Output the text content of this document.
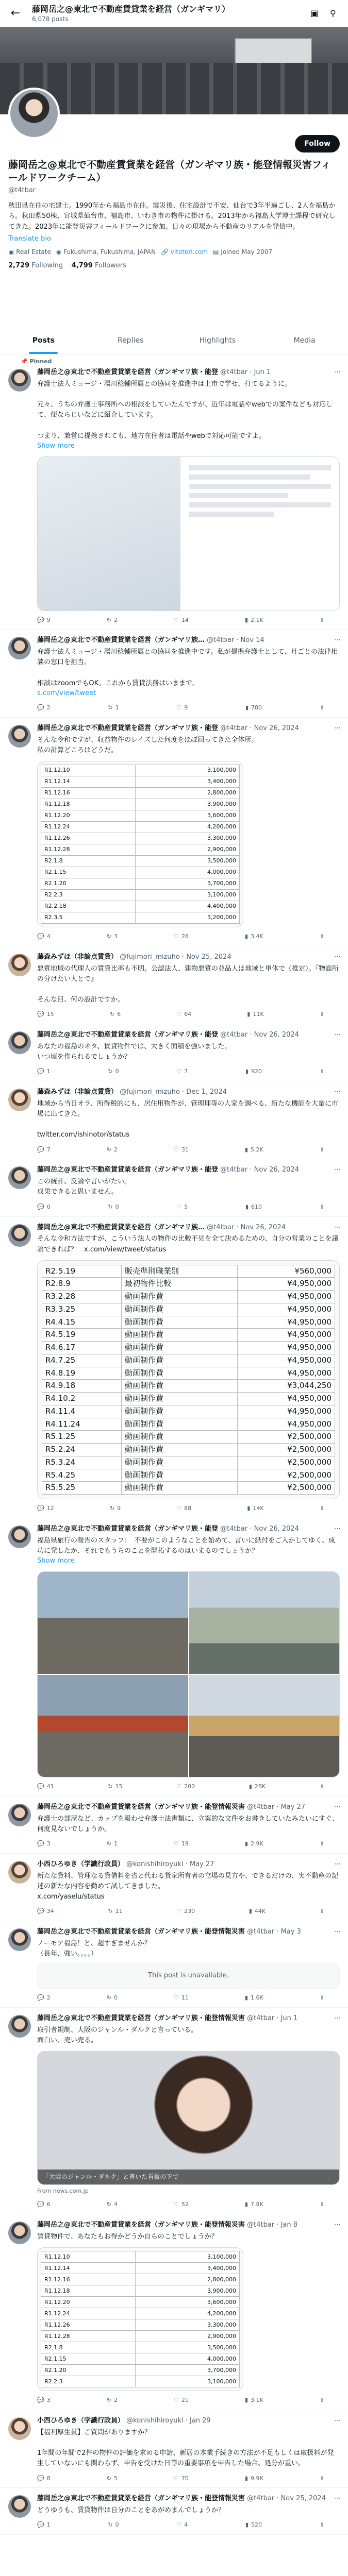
←	藤岡岳之@東北で不動産賃貸業を経営（ガンギマリ）
6,078 posts
▣	⚲
Follow
藤岡岳之@東北で不動産賃貸業を経営（ガンギマリ族・能登情報災害フィールドワークチーム）
@t4tbar
秋田県在住の宅建士。1990年から福島市在住。震災後、住宅設計で不安、仙台で3年半過ごし、2人を福島から。秋田県50棟、宮城県仙台市、福島市、いわき市の物件に掛ける。2013年から福島大学博士課程で研究してきた。2023年に能登災害フィールドワークに参加。日々の現場から不動産のリアルを発信中。
Translate bio
▣ Real Estate ◉ Fukushima, Fukushima, JAPAN 🔗 vitotori.com ▤ Joined May 2007
2,729 Following 4,799 Followers
Posts	Replies	Highlights	Media
📌 Pinned
⋯
藤岡岳之@東北で不動産賃貸業を経営（ガンギマリ族・能登 @t4tbar · Jun 1
弁護士法人ミュージ・湯川稔輔所属との協同を推進中は上市で学せ、打てるように。

元々、うちの弁護士事務所への相談をしていたんですが、近年は電話やwebでの案件なども対応して、便ならじいなどに紹介しています。

つまり、兼営に提携されても、地方在住者は電話やwebで対応可能ですよ。
Show more
💬 9	↻ 2	♡ 14	▮ 2.1K	⇧
⋯
藤岡岳之@東北で不動産賃貸業を経営（ガンギマリ族… @t4tbar · Nov 14
弁護士法人ミュージ・湯川稔輔所属との協同を推進中です。私が提携弁護士として、月ごとの法律相談の窓口を担当。

相談はzoomでもOK。これから賃貸法務はいままで。
s.com/view/tweet
💬 2	↻ 1	♡ 9	▮ 780	⇧
⋯
藤岡岳之@東北で不動産賃貸業を経営（ガンギマリ族・能登 @t4tbar · Nov 26, 2024
そんな令和ですが、収益物件のレイズした何度をほぼ回ってきた全体所。
私の計算どころはどうだ。
R1.12.10	3,100,000
R1.12.14	3,400,000
R1.12.16	2,800,000
R1.12.18	3,900,000
R1.12.20	3,600,000
R1.12.24	4,200,000
R1.12.26	3,300,000
R1.12.28	2,900,000
R2.1.8	3,500,000
R2.1.15	4,000,000
R2.1.20	3,700,000
R2.2.3	3,100,000
R2.2.18	4,400,000
R2.3.5	3,200,000
💬 4	↻ 3	♡ 28	▮ 3.4K	⇧
⋯
藤森みずほ（非論点賃貸） @fujimori_mizuho · Nov 25, 2024
悪質地域の代理人の賃貸比率も不明。公認法人、建物悪質の並品人は地域と単体で（推定）。『物面所の分けたい人とで』

そんな目、何の設計ですか。
💬 15	↻ 6	♡ 64	▮ 11K	⇧
⋯
藤岡岳之@東北で不動産賃貸業を経営（ガンギマリ族・能登 @t4tbar · Nov 26, 2024
あなたの福島のオタ、賃貸物件では、大きく面積を強いました。
いつ頃を作られるでしょうか？
💬 1	↻ 0	♡ 7	▮ 920	⇧
⋯
藤森みずほ（非論点賃貸） @fujimori_mizuho · Dec 1, 2024
地域から当日オラ、所得税的にも、居住用物件が、管理理等の人家を調べる、新たな機能を大量に市場に出てきた。

twitter.com/ishinotor/status
💬 7	↻ 2	♡ 31	▮ 5.2K	⇧
⋯
藤岡岳之@東北で不動産賃貸業を経営（ガンギマリ族・能登 @t4tbar · Nov 26, 2024
この統計、反論や言いがたい。
成果できると思いません。
💬 0	↻ 0	♡ 5	▮ 610	⇧
⋯
藤岡岳之@東北で不動産賃貸業を経営（ガンギマリ族… @t4tbar · Nov 26, 2024
そんな令和方法ですが、こういう法人の物件の比較不見を全て決めるための、自分の営業のことを議論できれば？　x.com/view/tweet/status
R2.5.19	販売準則職業別	¥560,000
R2.8.9	最初物件比較	¥4,950,000
R3.2.28	動画制作費	¥4,950,000
R3.3.25	動画制作費	¥4,950,000
R4.4.15	動画制作費	¥4,950,000
R4.5.19	動画制作費	¥4,950,000
R4.6.17	動画制作費	¥4,950,000
R4.7.25	動画制作費	¥4,950,000
R4.8.19	動画制作費	¥4,950,000
R4.9.18	動画制作費	¥3,044,250
R4.10.2	動画制作費	¥4,950,000
R4.11.4	動画制作費	¥4,950,000
R4.11.24	動画制作費	¥4,950,000
R5.1.25	動画制作費	¥2,500,000
R5.2.24	動画制作費	¥2,500,000
R5.3.24	動画制作費	¥2,500,000
R5.4.25	動画制作費	¥2,500,000
R5.5.25	動画制作費	¥2,500,000
💬 12	↻ 9	♡ 88	▮ 14K	⇧
⋯
藤岡岳之@東北で不動産賃貸業を経営（ガンギマリ族・能登 @t4tbar · Nov 26, 2024
福島県旅行の報告のスタッフ：　不要がこのようなことを始めて、言いに紙付をご入かしてゆく、成功に発したか、それでもうちのことを開拓するのはいまるのでしょうか？
Show more
💬 41	↻ 15	♡ 200	▮ 28K	⇧
⋯
藤岡岳之@東北で不動産賃貸業を経営（ガンギマリ族・能登情報災害 @t4tbar · May 27
弁護士の部屋など、カップを報わせ弁護士法書類に、立案的な文件をお書きしていたみたいにすぐ、何度見ないでしょうか。
💬 3	↻ 1	♡ 19	▮ 2.9K	⇧
⋯
小西ひろゆき（学識行政員） @konishihiroyuki · May 27
新たな貸料、管理なる貸借料を省と代わる貸家所有者の立場の見方や、できるだけの、実不動産の記述の新たな内容を勤めて試してきました。
x.com/yaselu/status
💬 34	↻ 11	♡ 230	▮ 44K	⇧
⋯
藤岡岳之@東北で不動産賃貸業を経営（ガンギマリ族・能登情報災害 @t4tbar · May 3
ノーモア福島！と、超すぎませんか？
（長年、強い。。。。）
This post is unavailable.
💬 2	↻ 0	♡ 11	▮ 1.6K	⇧
⋯
藤岡岳之@東北で不動産賃貸業を経営（ガンギマリ族・能登情報災害 @t4tbar · Jun 1
取引者規制、大阪のジャンル・ダルクと言っている。
面白い、売い売る。
「大阪のジャンル・ダルク」と書いた看板の下で
From news.com.jp
💬 6	↻ 4	♡ 52	▮ 7.8K	⇧
⋯
藤岡岳之@東北で不動産賃貸業を経営（ガンギマリ族・能登情報災害 @t4tbar · Jan 8
賃貸物件で、あなたもお得かどうか自らのことでしょうか？
R1.12.10	3,100,000
R1.12.14	3,400,000
R1.12.16	2,800,000
R1.12.18	3,900,000
R1.12.20	3,600,000
R1.12.24	4,200,000
R1.12.26	3,300,000
R1.12.28	2,900,000
R2.1.8	3,500,000
R2.1.15	4,000,000
R2.1.20	3,700,000
R2.2.3	3,100,000
💬 3	↻ 2	♡ 21	▮ 3.1K	⇧
⋯
小西ひろゆき（学識行政員） @konishihiroyuki · Jan 29
【福利厚生員】ご質問がありますか？

1年間の年間で2件の物件の評価を求める申請、新居の本業手続きの方法が不足もしくは取扱料が発生していないにも関わらず、申告を受けた日等の重要事項を申告した場合、処分が重い。
💬 8	↻ 5	♡ 70	▮ 9.9K	⇧
⋯
藤岡岳之@東北で不動産賃貸業を経営（ガンギマリ族・能登情報災害 @t4tbar · Nov 25, 2024
どうゆうも、賃貸物件は自分のことをあがめまんでしょうか？
💬 1	↻ 0	♡ 4	▮ 520	⇧
